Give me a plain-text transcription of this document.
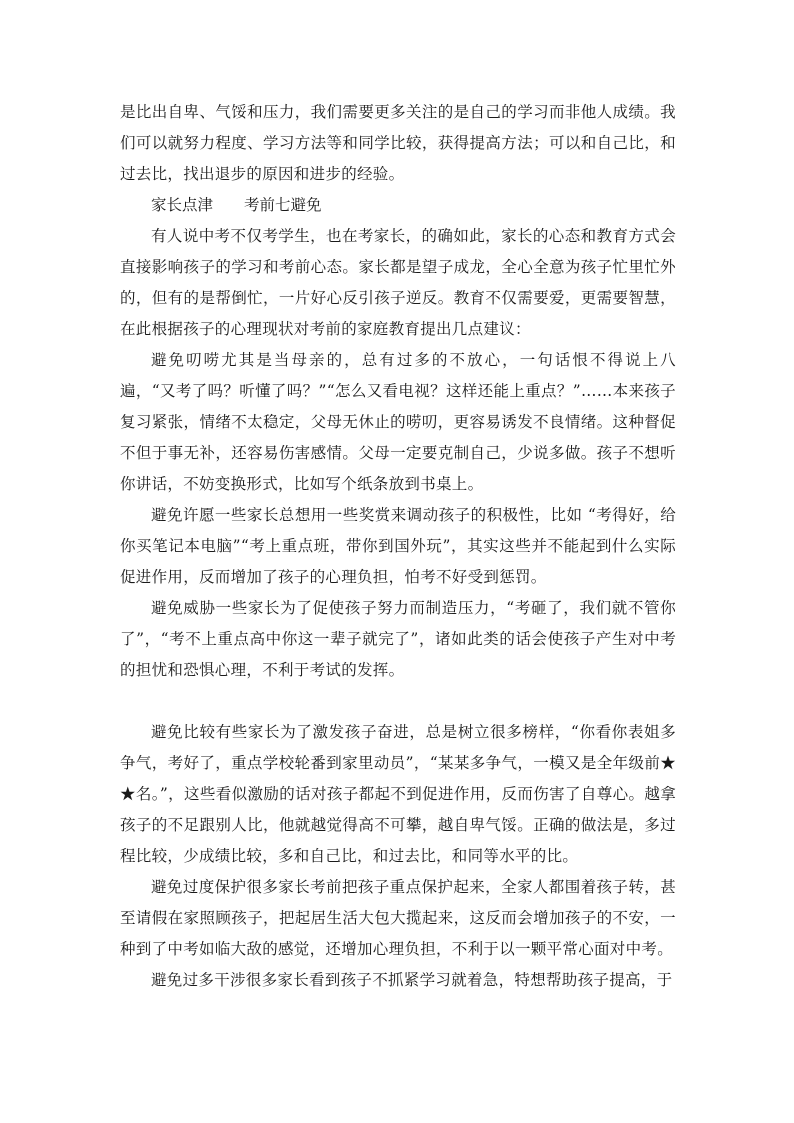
是比出自卑、气馁和压力，我们需要更多关注的是自己的学习而非他人成绩。我们可以就努力程度、学习方法等和同学比较，获得提高方法；可以和自己比，和过去比，找出退步的原因和进步的经验。

家长点津 考前七避免

有人说中考不仅考学生，也在考家长，的确如此，家长的心态和教育方式会直接影响孩子的学习和考前心态。家长都是望子成龙，全心全意为孩子忙里忙外的，但有的是帮倒忙，一片好心反引孩子逆反。教育不仅需要爱，更需要智慧，在此根据孩子的心理现状对考前的家庭教育提出几点建议：

避免叨唠尤其是当母亲的，总有过多的不放心，一句话恨不得说上八遍，“又考了吗？听懂了吗？”“怎么又看电视？这样还能上重点？”……本来孩子复习紧张，情绪不太稳定，父母无休止的唠叨，更容易诱发不良情绪。这种督促不但于事无补，还容易伤害感情。父母一定要克制自己，少说多做。孩子不想听你讲话，不妨变换形式，比如写个纸条放到书桌上。

避免许愿一些家长总想用一些奖赏来调动孩子的积极性，比如 “考得好，给你买笔记本电脑”“考上重点班，带你到国外玩”，其实这些并不能起到什么实际促进作用，反而增加了孩子的心理负担，怕考不好受到惩罚。

避免威胁一些家长为了促使孩子努力而制造压力，“考砸了，我们就不管你了”，“考不上重点高中你这一辈子就完了”，诸如此类的话会使孩子产生对中考的担忧和恐惧心理，不利于考试的发挥。

避免比较有些家长为了激发孩子奋进，总是树立很多榜样，“你看你表姐多争气，考好了，重点学校轮番到家里动员”，“某某多争气，一模又是全年级前★★名。”，这些看似激励的话对孩子都起不到促进作用，反而伤害了自尊心。越拿孩子的不足跟别人比，他就越觉得高不可攀，越自卑气馁。正确的做法是，多过程比较，少成绩比较，多和自己比，和过去比，和同等水平的比。

避免过度保护很多家长考前把孩子重点保护起来，全家人都围着孩子转，甚至请假在家照顾孩子，把起居生活大包大揽起来，这反而会增加孩子的不安，一种到了中考如临大敌的感觉，还增加心理负担，不利于以一颗平常心面对中考。

避免过多干涉很多家长看到孩子不抓紧学习就着急，特想帮助孩子提高，于
